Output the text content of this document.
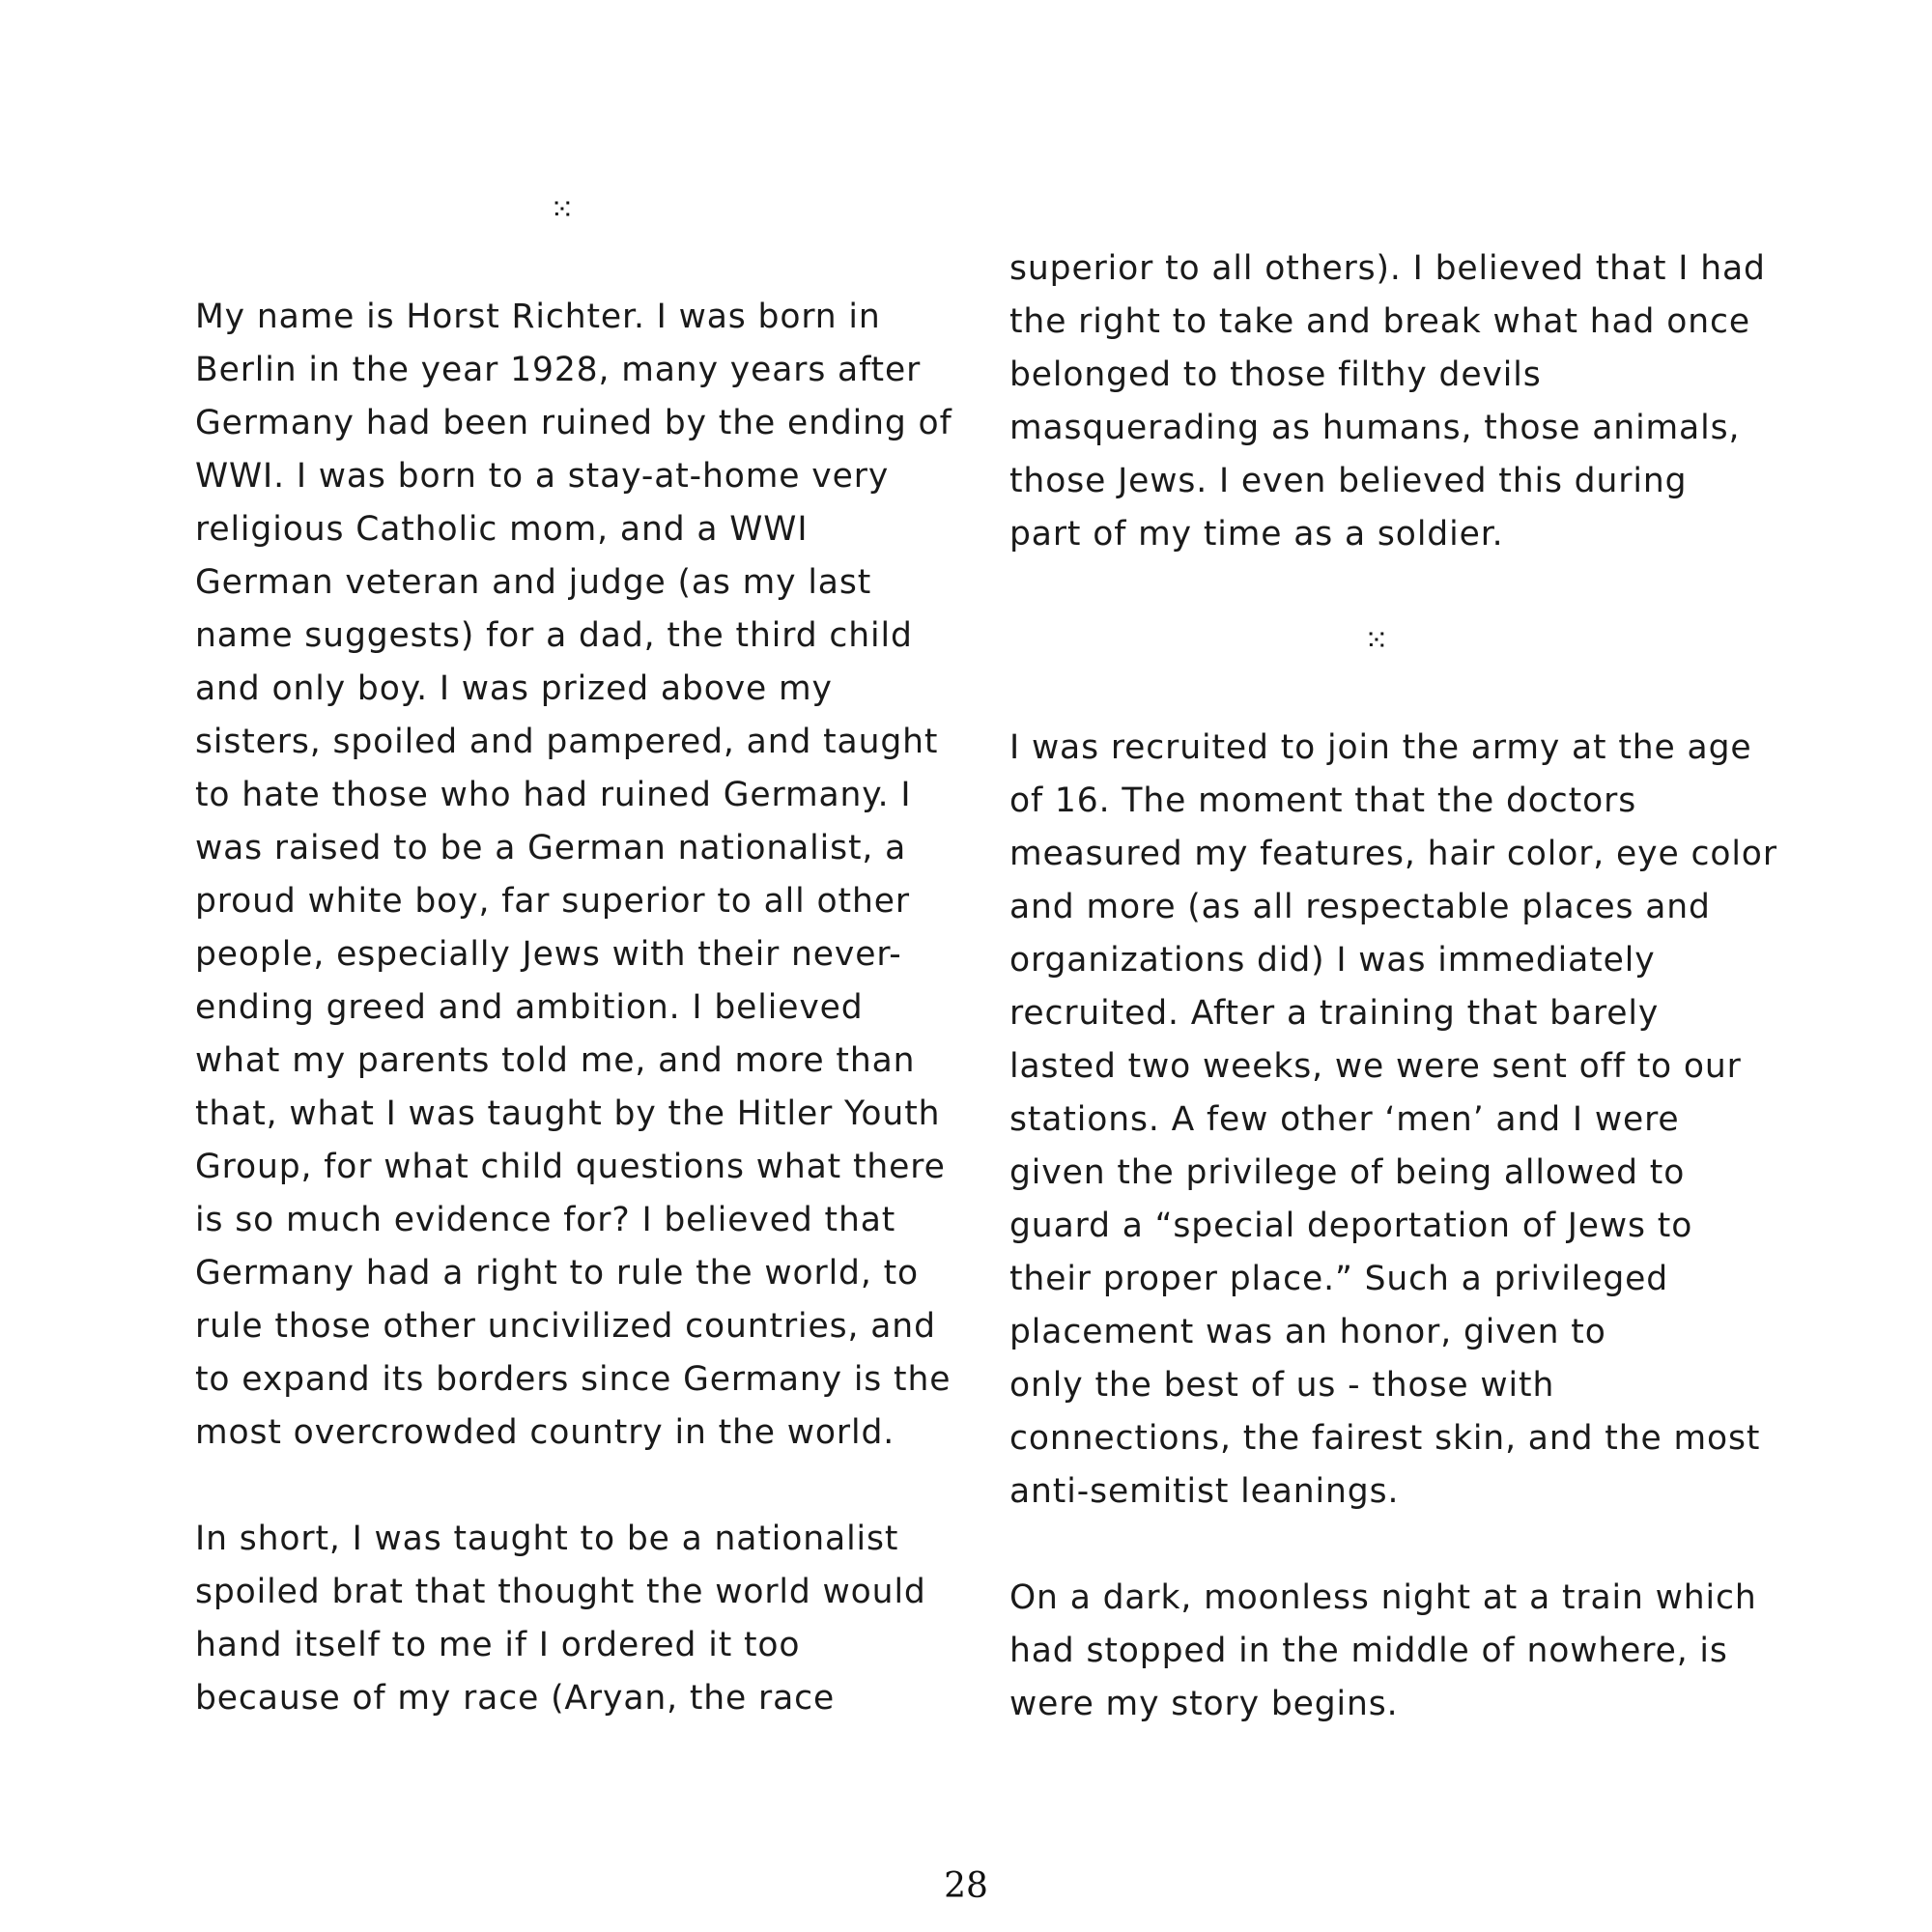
⁙
My name is Horst Richter. I was born in
Berlin in the year 1928, many years after
Germany had been ruined by the ending of
WWI. I was born to a stay-at-home very
religious Catholic mom, and a WWI
German veteran and judge (as my last
name suggests) for a dad, the third child
and only boy. I was prized above my
sisters, spoiled and pampered, and taught
to hate those who had ruined Germany. I
was raised to be a German nationalist, a
proud white boy, far superior to all other
people, especially Jews with their never-
ending greed and ambition. I believed
what my parents told me, and more than
that, what I was taught by the Hitler Youth
Group, for what child questions what there
is so much evidence for? I believed that
Germany had a right to rule the world, to
rule those other uncivilized countries, and
to expand its borders since Germany is the
most overcrowded country in the world.
In short, I was taught to be a nationalist
spoiled brat that thought the world would
hand itself to me if I ordered it too
because of my race (Aryan, the race
superior to all others). I believed that I had
the right to take and break what had once
belonged to those filthy devils
masquerading as humans, those animals,
those Jews. I even believed this during
part of my time as a soldier.
⁙
I was recruited to join the army at the age
of 16. The moment that the doctors
measured my features, hair color, eye color
and more (as all respectable places and
organizations did) I was immediately
recruited. After a training that barely
lasted two weeks, we were sent off to our
stations. A few other ‘men’ and I were
given the privilege of being allowed to
guard a “special deportation of Jews to
their proper place.” Such a privileged
placement was an honor, given to
only the best of us - those with
connections, the fairest skin, and the most
anti-semitist leanings.
On a dark, moonless night at a train which
had stopped in the middle of nowhere, is
were my story begins.
28
